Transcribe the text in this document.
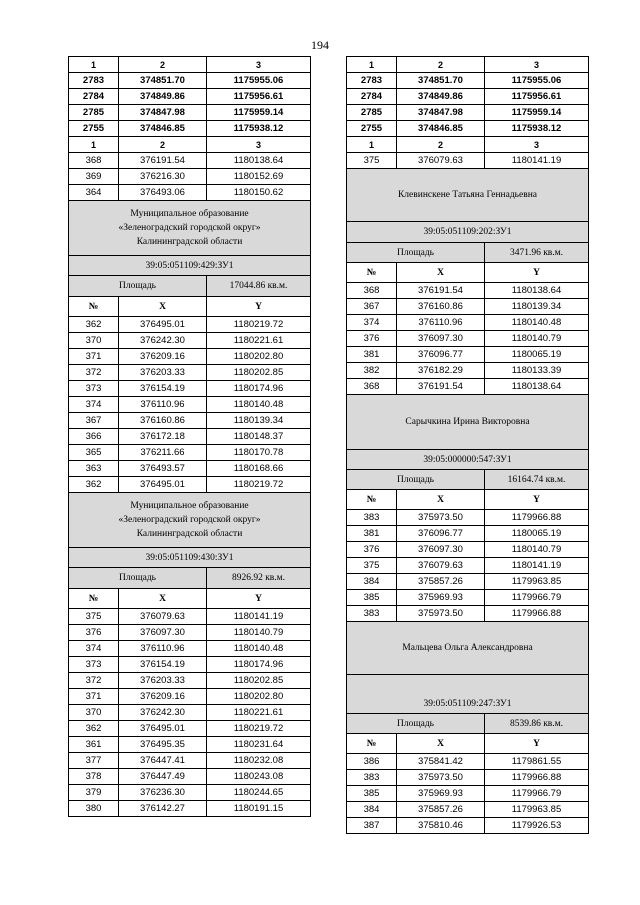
194
1	2	3
2783	374851.70	1175955.06
2784	374849.86	1175956.61
2785	374847.98	1175959.14
2755	374846.85	1175938.12
1	2	3
368	376191.54	1180138.64
369	376216.30	1180152.69
364	376493.06	1180150.62

Муниципальное образование
«Зеленоградский городской округ»
Калининградской области		

39:05:051109:429:ЗУ1		
Площадь		17044.86 кв.м.
№	X	Y
362	376495.01	1180219.72
370	376242.30	1180221.61
371	376209.16	1180202.80
372	376203.33	1180202.85
373	376154.19	1180174.96
374	376110.96	1180140.48
367	376160.86	1180139.34
366	376172.18	1180148.37
365	376211.66	1180170.78
363	376493.57	1180168.66
362	376495.01	1180219.72

Муниципальное образование
«Зеленоградский городской округ»
Калининградской области		

39:05:051109:430:ЗУ1		
Площадь		8926.92 кв.м.
№	X	Y
375	376079.63	1180141.19
376	376097.30	1180140.79
374	376110.96	1180140.48
373	376154.19	1180174.96
372	376203.33	1180202.85
371	376209.16	1180202.80
370	376242.30	1180221.61
362	376495.01	1180219.72
361	376495.35	1180231.64
377	376447.41	1180232.08
378	376447.49	1180243.08
379	376236.30	1180244.65
380	376142.27	1180191.15
1	2	3
2783	374851.70	1175955.06
2784	374849.86	1175956.61
2785	374847.98	1175959.14
2755	374846.85	1175938.12
1	2	3
375	376079.63	1180141.19
Клевинскене Татьяна Геннадьевна		
39:05:051109:202:ЗУ1		
Площадь		3471.96 кв.м.
№	X	Y
368	376191.54	1180138.64
367	376160.86	1180139.34
374	376110.96	1180140.48
376	376097.30	1180140.79
381	376096.77	1180065.19
382	376182.29	1180133.39
368	376191.54	1180138.64
Сарычкина Ирина Викторовна		
39:05:000000:547:ЗУ1		
Площадь		16164.74 кв.м.
№	X	Y
383	375973.50	1179966.88
381	376096.77	1180065.19
376	376097.30	1180140.79
375	376079.63	1180141.19
384	375857.26	1179963.85
385	375969.93	1179966.79
383	375973.50	1179966.88
Мальцева Ольга Александровна		
39:05:051109:247:ЗУ1		
Площадь		8539.86 кв.м.
№	X	Y
386	375841.42	1179861.55
383	375973.50	1179966.88
385	375969.93	1179966.79
384	375857.26	1179963.85
387	375810.46	1179926.53
